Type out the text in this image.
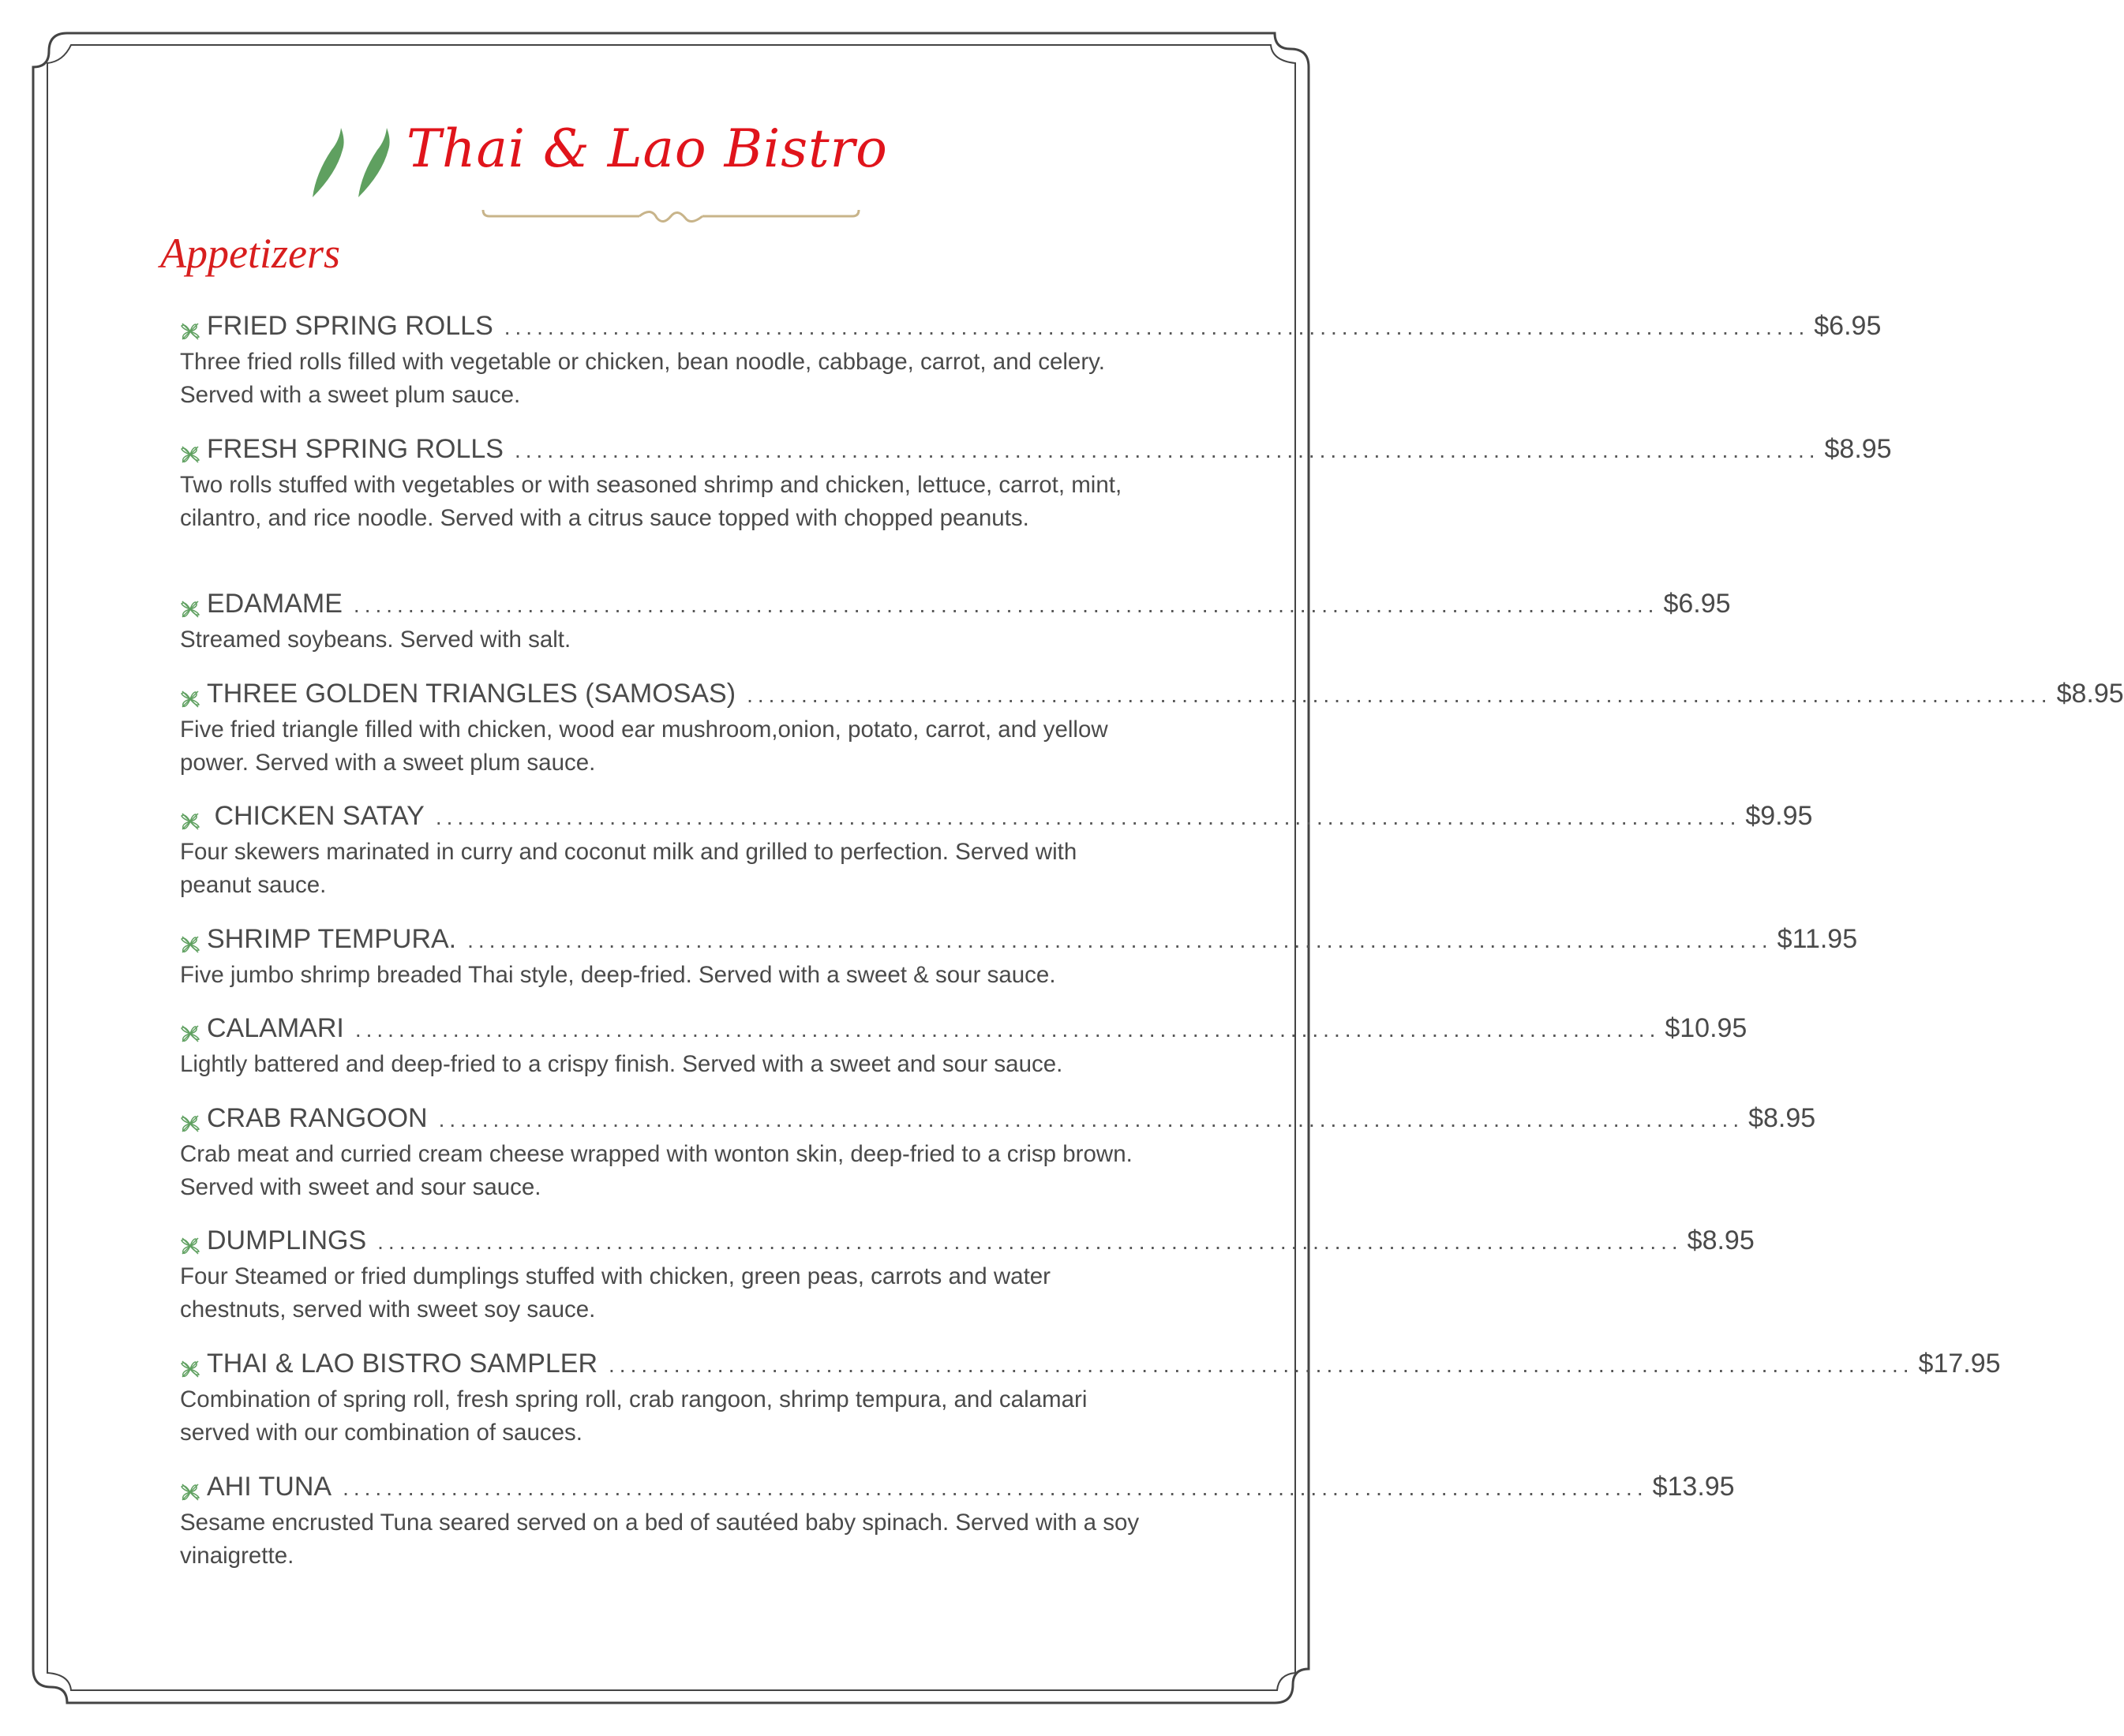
Thai & Lao Bistro
Appetizers
FRIED SPRING ROLLS ........................................................................................................................ $6.95
Three fried rolls filled with vegetable or chicken, bean noodle, cabbage, carrot, and celery. Served with a sweet plum sauce.
FRESH SPRING ROLLS ........................................................................................................................ $8.95
Two rolls stuffed with vegetables or with seasoned shrimp and chicken, lettuce, carrot, mint, cilantro, and rice noodle. Served with a citrus sauce topped with chopped peanuts.
EDAMAME ........................................................................................................................ $6.95
Streamed soybeans. Served with salt.
THREE GOLDEN TRIANGLES (SAMOSAS) ........................................................................................................................ $8.95
Five fried triangle filled with chicken, wood ear mushroom,onion, potato, carrot, and yellow power. Served with a sweet plum sauce.
CHICKEN SATAY ........................................................................................................................ $9.95
Four skewers marinated in curry and coconut milk and grilled to perfection. Served with peanut sauce.
SHRIMP TEMPURA. ........................................................................................................................ $11.95
Five jumbo shrimp breaded Thai style, deep-fried. Served with a sweet & sour sauce.
CALAMARI ........................................................................................................................ $10.95
Lightly battered and deep-fried to a crispy finish. Served with a sweet and sour sauce.
CRAB RANGOON ........................................................................................................................ $8.95
Crab meat and curried cream cheese wrapped with wonton skin, deep-fried to a crisp brown. Served with sweet and sour sauce.
DUMPLINGS ........................................................................................................................ $8.95
Four Steamed or fried dumplings stuffed with chicken, green peas, carrots and water chestnuts, served with sweet soy sauce.
THAI & LAO BISTRO SAMPLER ........................................................................................................................ $17.95
Combination of spring roll, fresh spring roll, crab rangoon, shrimp tempura, and calamari served with our combination of sauces.
AHI TUNA ........................................................................................................................ $13.95
Sesame encrusted Tuna seared served on a bed of sautéed baby spinach. Served with a soy vinaigrette.
